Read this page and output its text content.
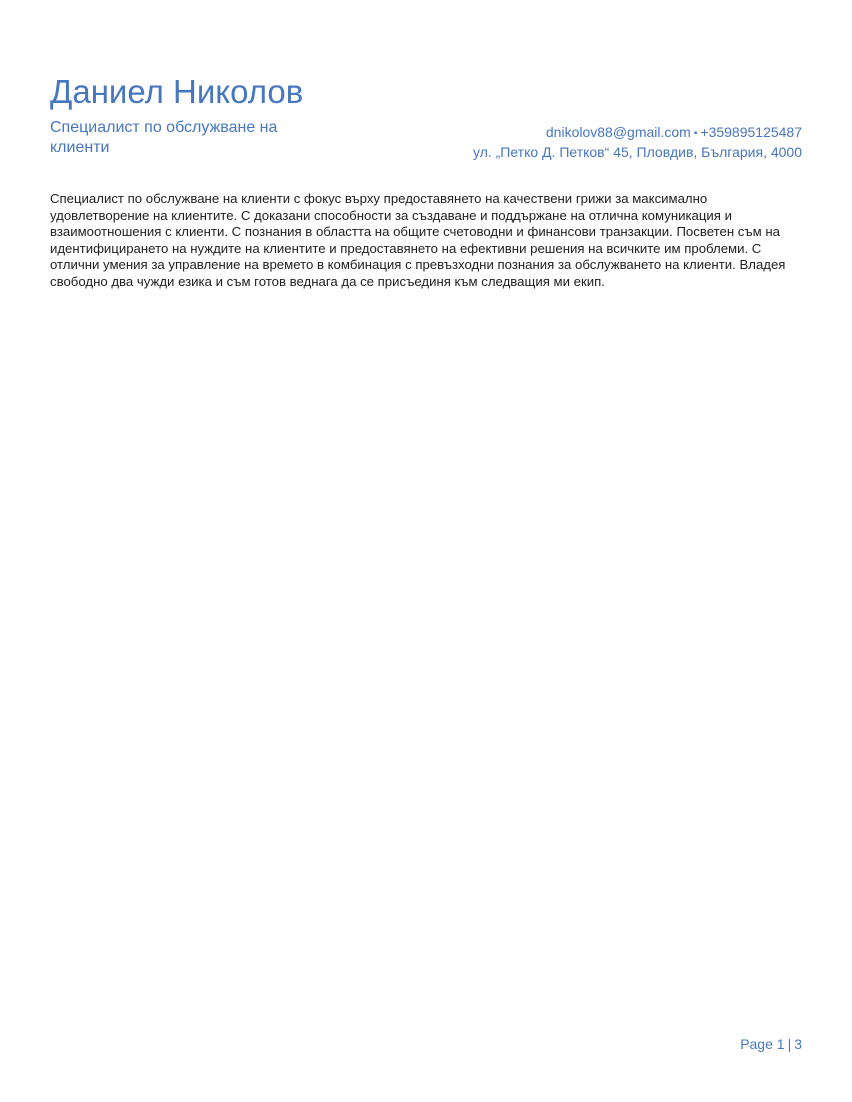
Даниел Николов
Специалист по обслужване на клиенти
dnikolov88@gmail.com ▪ +359895125487
ул. „Петко Д. Петков“ 45, Пловдив, България, 4000

Специалист по обслужване на клиенти с фокус върху предоставянето на качествени грижи за максимално удовлетворение на клиентите. С доказани способности за създаване и поддържане на отлична комуникация и взаимоотношения с клиенти. С познания в областта на общите счетоводни и финансови транзакции. Посветен съм на идентифицирането на нуждите на клиентите и предоставянето на ефективни решения на всичките им проблеми. С отлични умения за управление на времето в комбинация с превъзходни познания за обслужването на клиенти. Владея свободно два чужди езика и съм готов веднага да се присъединя към следващия ми екип.

Page 1 | 3
